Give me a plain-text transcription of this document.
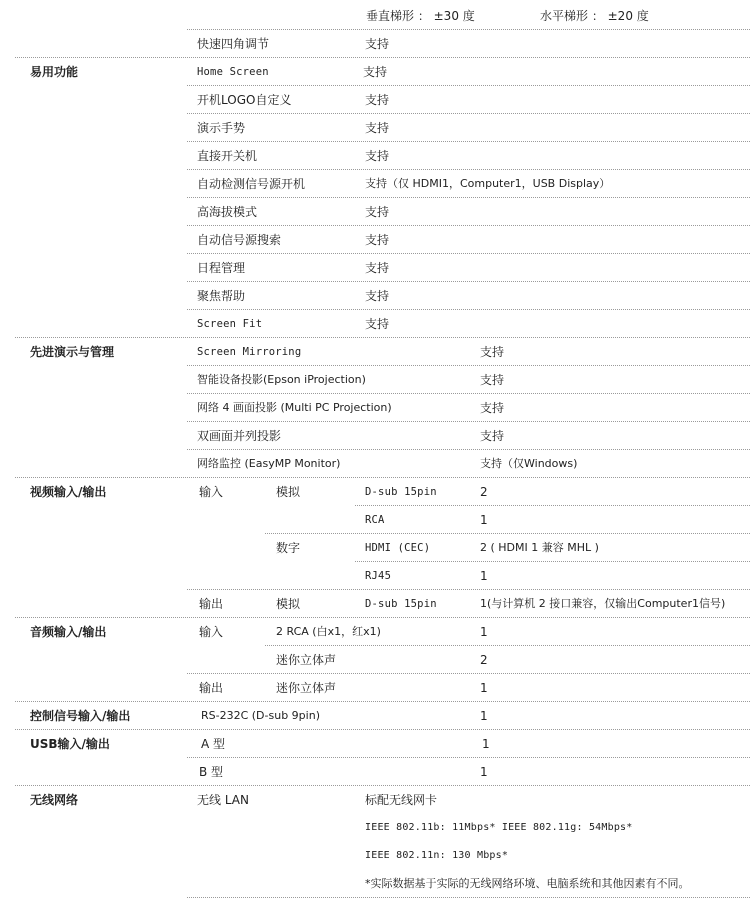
垂直梯形 ： ±30 度	水平梯形 ： ±20 度
快速四角调节	支持
易用功能	Home Screen	支持
开机LOGO自定义	支持
演示手势	支持
直接开关机	支持
自动检测信号源开机	支持（仅 HDMI1，Computer1，USB Display）
高海拔模式	支持
自动信号源搜索	支持
日程管理	支持
聚焦帮助	支持
Screen Fit	支持
先进演示与管理	Screen Mirroring	支持
智能设备投影(Epson iProjection)	支持
网络 4 画面投影 (Multi PC Projection)	支持
双画面并列投影	支持
网络监控 (EasyMP Monitor)	支持（仅Windows)
视频输入/输出	输入	模拟	D-sub 15pin	2
RCA	1
数字	HDMI (CEC)	2 ( HDMI 1 兼容 MHL )
RJ45	1
输出	模拟	D-sub 15pin	1(与计算机 2 接口兼容，仅输出Computer1信号)
音频输入/输出	输入	2 RCA (白x1，红x1)	1
迷你立体声	2
输出	迷你立体声	1
控制信号输入/输出	RS-232C (D-sub 9pin)	1
USB输入/输出	A 型	1
B 型	1
无线网络	无线 LAN	标配无线网卡
IEEE 802.11b: 11Mbps* IEEE 802.11g: 54Mbps*
IEEE 802.11n: 130 Mbps*
*实际数据基于实际的无线网络环境、电脑系统和其他因素有不同。
